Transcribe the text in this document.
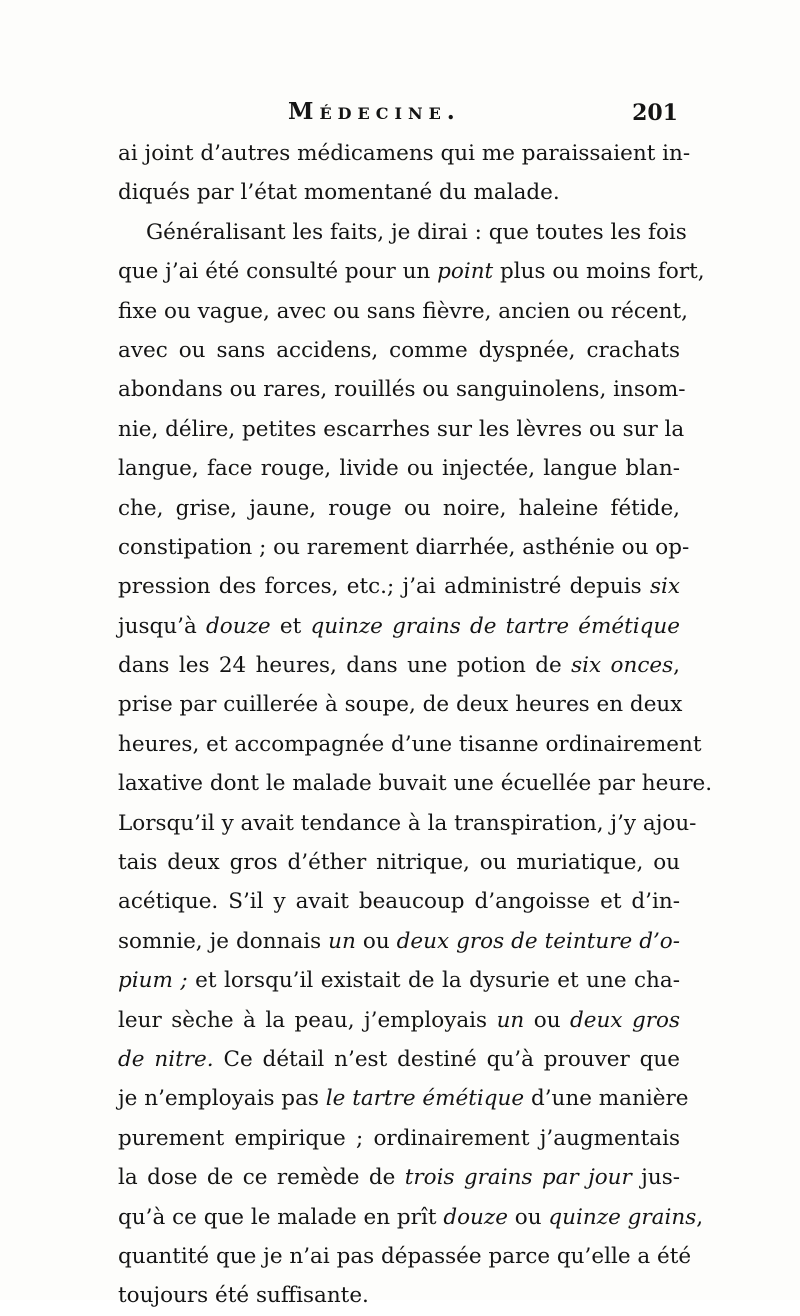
Médecine.	201
ai joint d’autres médicamens qui me paraissaient in-
diqués par l’état momentané du malade.
Généralisant les faits, je dirai : que toutes les fois
que j’ai été consulté pour un point plus ou moins fort,
fixe ou vague, avec ou sans fièvre, ancien ou récent,
avec ou sans accidens, comme dyspnée, crachats
abondans ou rares, rouillés ou sanguinolens, insom-
nie, délire, petites escarrhes sur les lèvres ou sur la
langue, face rouge, livide ou injectée, langue blan-
che, grise, jaune, rouge ou noire, haleine fétide,
constipation ; ou rarement diarrhée, asthénie ou op-
pression des forces, etc.; j’ai administré depuis six
jusqu’à douze et quinze grains de tartre émétique
dans les 24 heures, dans une potion de six onces,
prise par cuillerée à soupe, de deux heures en deux
heures, et accompagnée d’une tisanne ordinairement
laxative dont le malade buvait une écuellée par heure.
Lorsqu’il y avait tendance à la transpiration, j’y ajou-
tais deux gros d’éther nitrique, ou muriatique, ou
acétique. S’il y avait beaucoup d’angoisse et d’in-
somnie, je donnais un ou deux gros de teinture d’o-
pium ; et lorsqu’il existait de la dysurie et une cha-
leur sèche à la peau, j’employais un ou deux gros
de nitre. Ce détail n’est destiné qu’à prouver que
je n’employais pas le tartre émétique d’une manière
purement empirique ; ordinairement j’augmentais
la dose de ce remède de trois grains par jour jus-
qu’à ce que le malade en prît douze ou quinze grains,
quantité que je n’ai pas dépassée parce qu’elle a été
toujours été suffisante.
